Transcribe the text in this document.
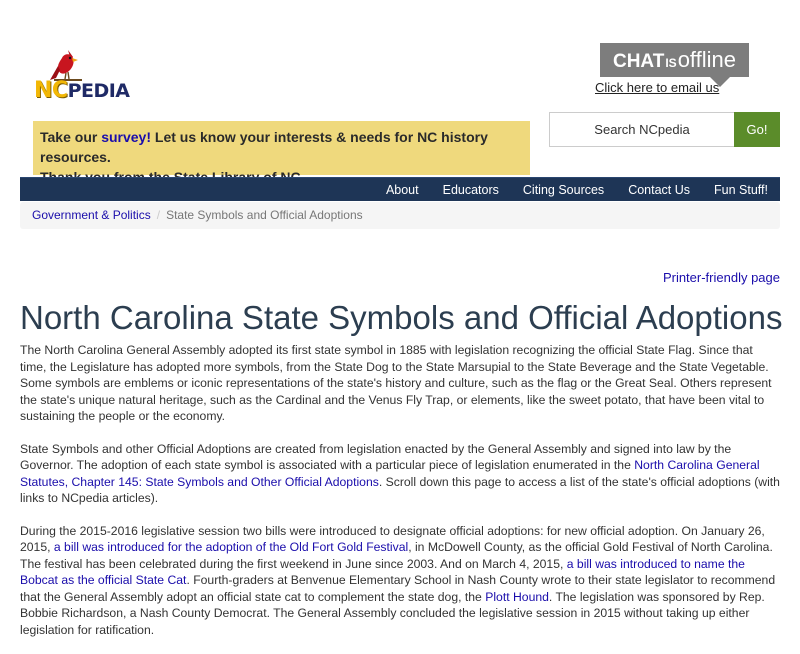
NCPEDIA
CHATISoffline
Click here to email us
Take our survey! Let us know your interests & needs for NC history resources.
Search NCpedia
Go!
About	Educators	Citing Sources	Contact Us	Fun Stuff!
Government & Politics / State Symbols and Official Adoptions
Printer-friendly page
North Carolina State Symbols and Official Adoptions

The North Carolina General Assembly adopted its first state symbol in 1885 with legislation recognizing the official State Flag. Since that time, the Legislature has adopted more symbols, from the State Dog to the State Marsupial to the State Beverage and the State Vegetable. Some symbols are emblems or iconic representations of the state's history and culture, such as the flag or the Great Seal. Others represent the state's unique natural heritage, such as the Cardinal and the Venus Fly Trap, or elements, like the sweet potato, that have been vital to sustaining the people or the economy.

State Symbols and other Official Adoptions are created from legislation enacted by the General Assembly and signed into law by the Governor. The adoption of each state symbol is associated with a particular piece of legislation enumerated in the North Carolina General Statutes, Chapter 145: State Symbols and Other Official Adoptions. Scroll down this page to access a list of the state's official adoptions (with links to NCpedia articles).

During the 2015-2016 legislative session two bills were introduced to designate official adoptions: for new official adoption. On January 26, 2015, a bill was introduced for the adoption of the Old Fort Gold Festival, in McDowell County, as the official Gold Festival of North Carolina. The festival has been celebrated during the first weekend in June since 2003. And on March 4, 2015, a bill was introduced to name the Bobcat as the official State Cat. Fourth-graders at Benvenue Elementary School in Nash County wrote to their state legislator to recommend that the General Assembly adopt an official state cat to complement the state dog, the Plott Hound. The legislation was sponsored by Rep. Bobbie Richardson, a Nash County Democrat. The General Assembly concluded the legislative session in 2015 without taking up either legislation for ratification.
